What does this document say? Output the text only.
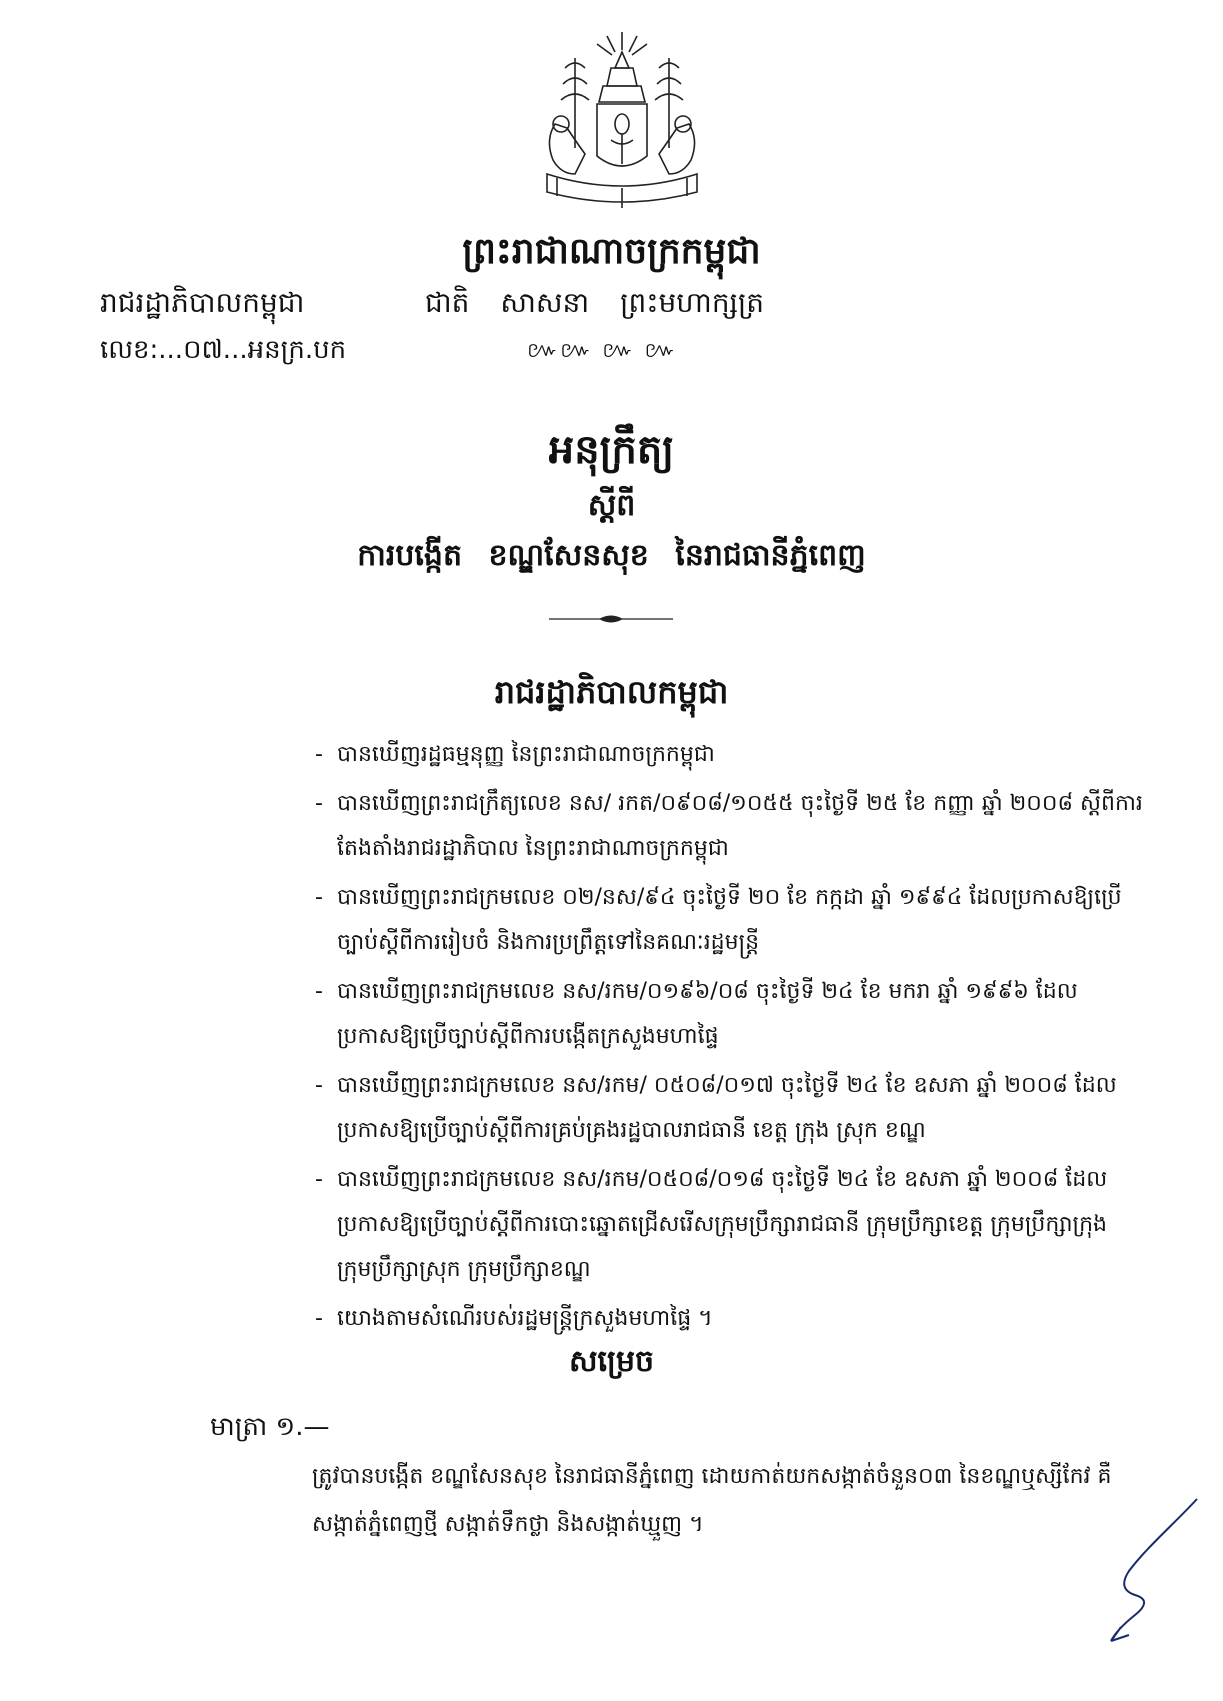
ព្រះរាជាណាចក្រកម្ពុជា
រាជរដ្ឋាភិបាលកម្ពុជា	ជាតិ សាសនា ព្រះមហាក្សត្រ
លេខ:...០៧...អនក្រ.បក	៚៚ ៚ ៚
អនុក្រឹត្យ
ស្តីពី
ការបង្កើត ខណ្ឌសែនសុខ នៃរាជធានីភ្នំពេញ
រាជរដ្ឋាភិបាលកម្ពុជា
- បានឃើញរដ្ឋធម្មនុញ្ញ នៃព្រះរាជាណាចក្រកម្ពុជា
- បានឃើញព្រះរាជក្រឹត្យលេខ នស/ រកត/០៩០៨/១០៥៥ ចុះថ្ងៃទី ២៥ ខែ កញ្ញា ឆ្នាំ ២០០៨ ស្តីពីការតែងតាំងរាជរដ្ឋាភិបាល នៃព្រះរាជាណាចក្រកម្ពុជា
- បានឃើញព្រះរាជក្រមលេខ ០២/នស/៩៤ ចុះថ្ងៃទី ២០ ខែ កក្កដា ឆ្នាំ ១៩៩៤ ដែលប្រកាសឱ្យប្រើច្បាប់ស្តីពីការរៀបចំ និងការប្រព្រឹត្តទៅនៃគណៈរដ្ឋមន្ត្រី
- បានឃើញព្រះរាជក្រមលេខ នស/រកម/០១៩៦/០៨ ចុះថ្ងៃទី ២៤ ខែ មករា ឆ្នាំ ១៩៩៦ ដែលប្រកាសឱ្យប្រើច្បាប់ស្តីពីការបង្កើតក្រសួងមហាផ្ទៃ
- បានឃើញព្រះរាជក្រមលេខ នស/រកម/ ០៥០៨/០១៧ ចុះថ្ងៃទី ២៤ ខែ ឧសភា ឆ្នាំ ២០០៨ ដែលប្រកាសឱ្យប្រើច្បាប់ស្តីពីការគ្រប់គ្រងរដ្ឋបាលរាជធានី ខេត្ត ក្រុង ស្រុក ខណ្ឌ
- បានឃើញព្រះរាជក្រមលេខ នស/រកម/០៥០៨/០១៨ ចុះថ្ងៃទី ២៤ ខែ ឧសភា ឆ្នាំ ២០០៨ ដែលប្រកាសឱ្យប្រើច្បាប់ស្តីពីការបោះឆ្នោតជ្រើសរើសក្រុមប្រឹក្សារាជធានី ក្រុមប្រឹក្សាខេត្ត ក្រុមប្រឹក្សាក្រុង ក្រុមប្រឹក្សាស្រុក ក្រុមប្រឹក្សាខណ្ឌ
- យោងតាមសំណើរបស់រដ្ឋមន្ត្រីក្រសួងមហាផ្ទៃ ។
សម្រេច
មាត្រា ១.—
ត្រូវបានបង្កើត ខណ្ឌសែនសុខ នៃរាជធានីភ្នំពេញ ដោយកាត់យកសង្កាត់ចំនួន០៣ នៃខណ្ឌឬស្សីកែវ គឺ សង្កាត់ភ្នំពេញថ្មី សង្កាត់ទឹកថ្លា និងសង្កាត់ឃ្មួញ ។
